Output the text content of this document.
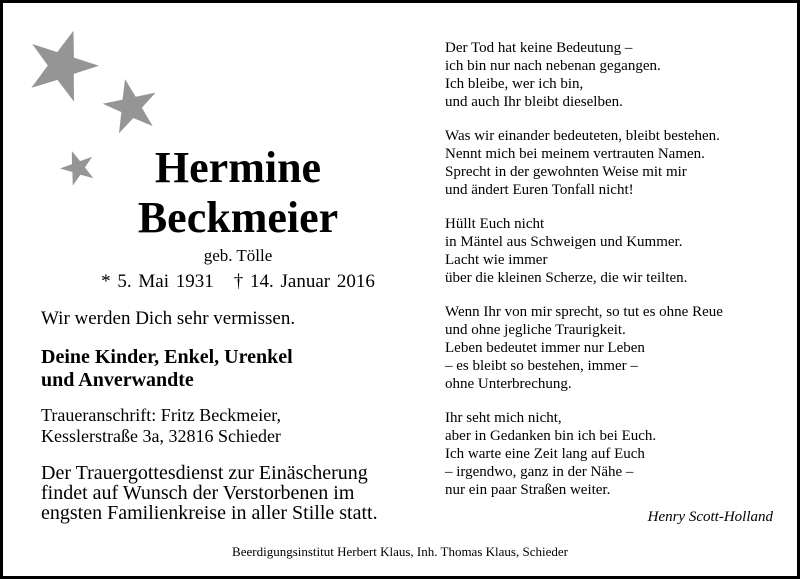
Hermine

Beckmeier

geb. Tölle
* 5. Mai 1931 † 14. Januar 2016
Wir werden Dich sehr vermissen.
Deine Kinder, Enkel, Urenkel
und Anverwandte
Traueranschrift: Fritz Beckmeier,
Kesslerstraße 3a, 32816 Schieder
Der Trauergottesdienst zur Einäscherung
findet auf Wunsch der Verstorbenen im
engsten Familienkreise in aller Stille statt.

Der Tod hat keine Bedeutung –
ich bin nur nach nebenan gegangen.
Ich bleibe, wer ich bin,
und auch Ihr bleibt dieselben.

Was wir einander bedeuteten, bleibt bestehen.
Nennt mich bei meinem vertrauten Namen.
Sprecht in der gewohnten Weise mit mir
und ändert Euren Tonfall nicht!

Hüllt Euch nicht
in Mäntel aus Schweigen und Kummer.
Lacht wie immer
über die kleinen Scherze, die wir teilten.

Wenn Ihr von mir sprecht, so tut es ohne Reue
und ohne jegliche Traurigkeit.
Leben bedeutet immer nur Leben
– es bleibt so bestehen, immer –
ohne Unterbrechung.

Ihr seht mich nicht,
aber in Gedanken bin ich bei Euch.
Ich warte eine Zeit lang auf Euch
– irgendwo, ganz in der Nähe –
nur ein paar Straßen weiter.

Henry Scott-Holland
Beerdigungsinstitut Herbert Klaus, Inh. Thomas Klaus, Schieder
